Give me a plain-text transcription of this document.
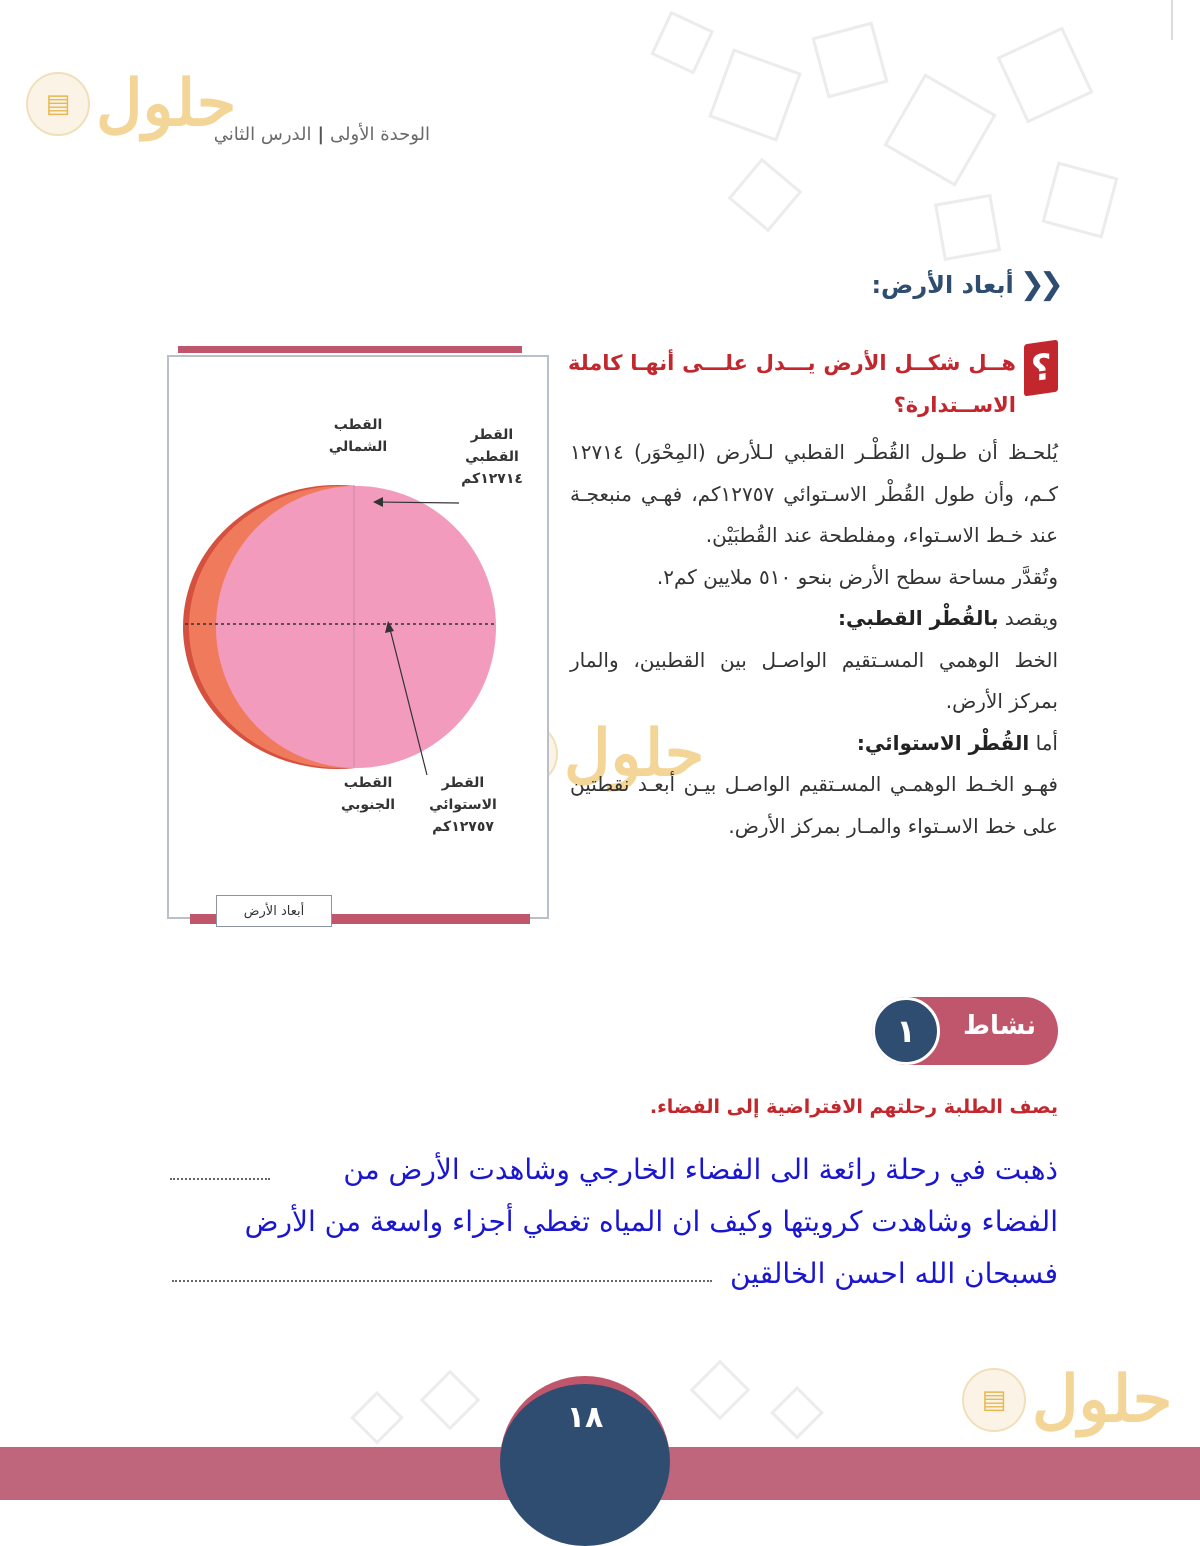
▤ حلول
حلول
▤ حلول
الوحدة الأولى|الدرس الثاني
❮❮
أبعاد الأرض:
؟
هــل شكــل الأرض يـــدل علـــى أنهـا كاملة الاســتدارة؟

يُلحـظ أن طـول القُطْـر القطبي لـلأرض (المِحْوَر) ١٢٧١٤ كـم، وأن طول القُطْر الاسـتوائي ١٢٧٥٧كم، فهـي منبعجـة عند خـط الاسـتواء، ومفلطحة عند القُطبَيْن.

وتُقدَّر مساحة سطح الأرض بنحو ٥١٠ ملايين كم٢.

ويقصد بالقُطْر القطبي:

الخط الوهمي المسـتقيم الواصـل بين القطبين، والمار بمركز الأرض.

أما القُطْر الاستوائي:

فهـو الخـط الوهمـي المسـتقيم الواصـل بيـن أبعـد نقطتين على خط الاسـتواء والمـار بمركز الأرض.

القطب الشمالي
القطر القطبي ١٢٧١٤كم
القطب الجنوبي
القطر الاستوائي ١٢٧٥٧كم
أبعاد الأرض
نشاط
١
يصف الطلبة رحلتهم الافتراضية إلى الفضاء.
ذهبت في رحلة رائعة الى الفضاء الخارجي وشاهدت الأرض من
الفضاء وشاهدت كرويتها وكيف ان المياه تغطي أجزاء واسعة من الأرض
فسبحان الله احسن الخالقين
١٨
